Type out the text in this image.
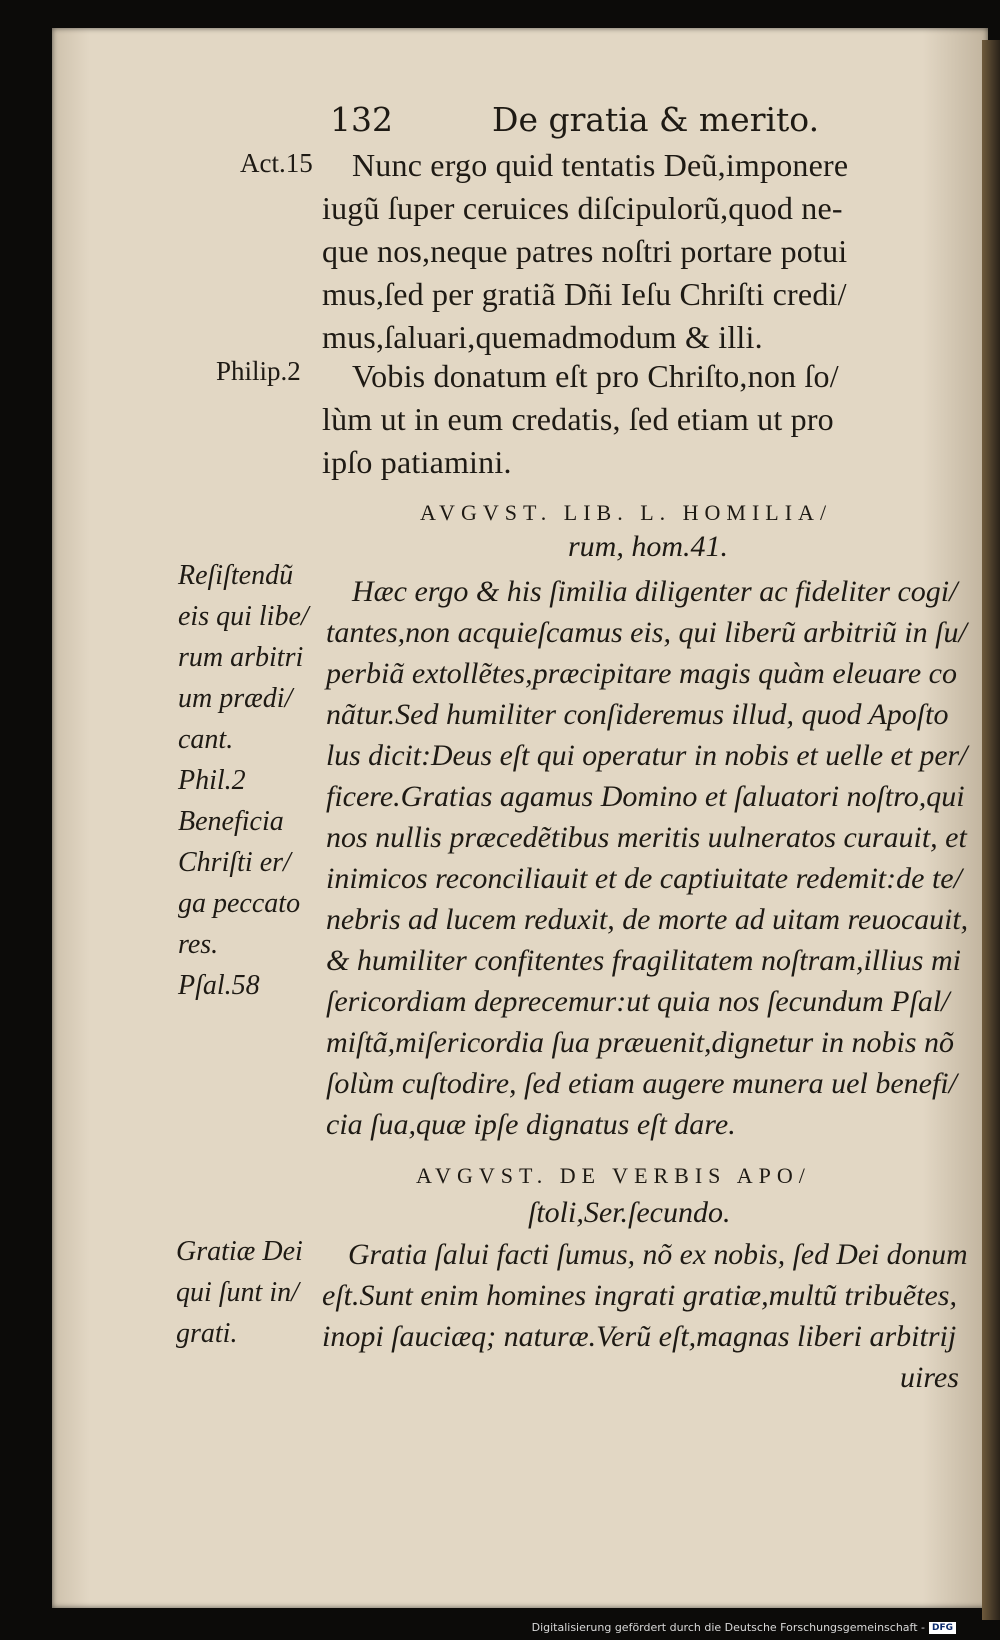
132	De gratia & merito.
Act.15 Nunc ergo quid tentatis Deũ,imponere
iugũ ſuper ceruices diſcipulorũ,quod ne-
que nos,neque patres noſtri portare potui
mus,ſed per gratiã Dñi Ieſu Chriſti credi/
mus,ſaluari,quemadmodum & illi.
Philip.2 Vobis donatum eſt pro Chriſto,non ſo/
lùm ut in eum credatis, ſed etiam ut pro
ipſo patiamini.
AVGVST. LIB. L. HOMILIA/
rum, hom.41.
Reſiſtendũ
eis qui libe/
rum arbitri
um prædi/
cant.
Phil.2
Beneficia
Chriſti er/
ga peccato
res.
Pſal.58
Hæc ergo & his ſimilia diligenter ac fideliter cogi/
tantes,non acquieſcamus eis, qui liberũ arbitriũ in ſu/
perbiã extollẽtes,præcipitare magis quàm eleuare co
nãtur.Sed humiliter conſideremus illud, quod Apoſto
lus dicit:Deus eſt qui operatur in nobis et uelle et per/
ficere.Gratias agamus Domino et ſaluatori noſtro,qui
nos nullis præcedẽtibus meritis uulneratos curauit, et
inimicos reconciliauit et de captiuitate redemit:de te/
nebris ad lucem reduxit, de morte ad uitam reuocauit,
& humiliter confitentes fragilitatem noſtram,illius mi
ſericordiam deprecemur:ut quia nos ſecundum Pſal/
miſtã,miſericordia ſua præuenit,dignetur in nobis nõ
ſolùm cuſtodire, ſed etiam augere munera uel benefi/
cia ſua,quæ ipſe dignatus eſt dare.
AVGVST. DE VERBIS APO/
ſtoli,Ser.ſecundo.
Gratiæ Dei
qui ſunt in/
grati.
Gratia ſalui facti ſumus, nõ ex nobis, ſed Dei donum
eſt.Sunt enim homines ingrati gratiæ,multũ tribuẽtes,
inopi ſauciæq; naturæ.Verũ eſt,magnas liberi arbitrij
uires
Digitalisierung gefördert durch die Deutsche Forschungsgemeinschaft - DFG
